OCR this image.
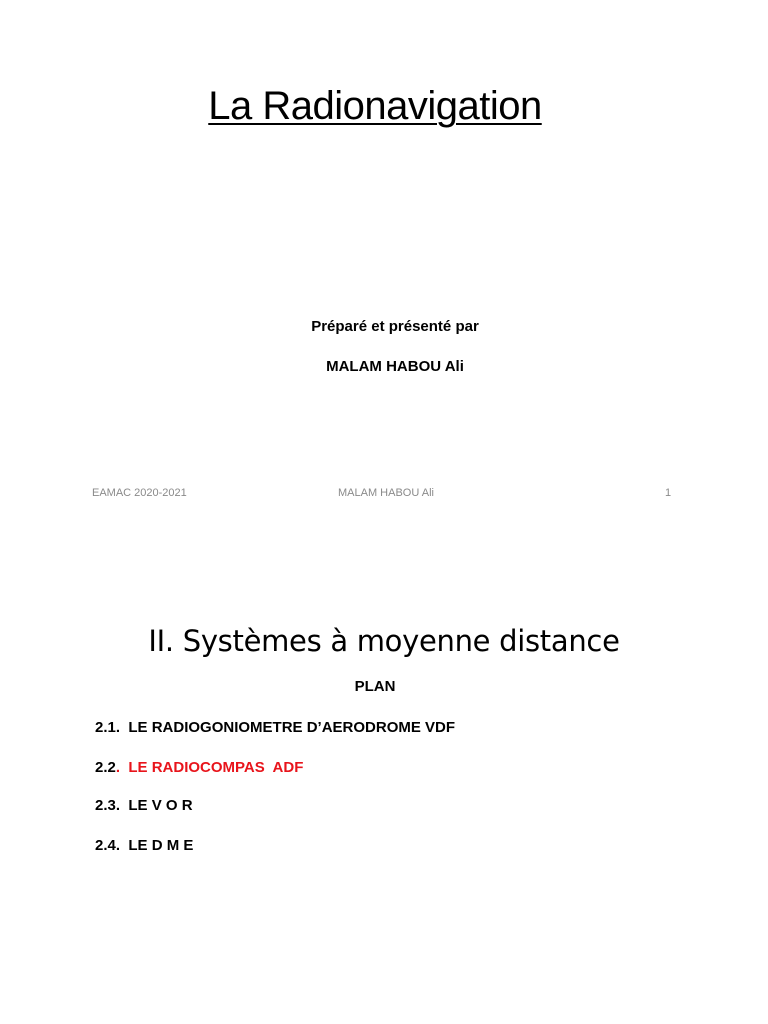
La Radionavigation
Préparé et présenté par
MALAM HABOU Ali
EAMAC 2020-2021	MALAM HABOU Ali	1
II. Systèmes à moyenne distance
PLAN
2.1. LE RADIOGONIOMETRE D’AERODROME VDF
2.2. LE RADIOCOMPAS  ADF
2.3. LE V O R
2.4. LE D M E
